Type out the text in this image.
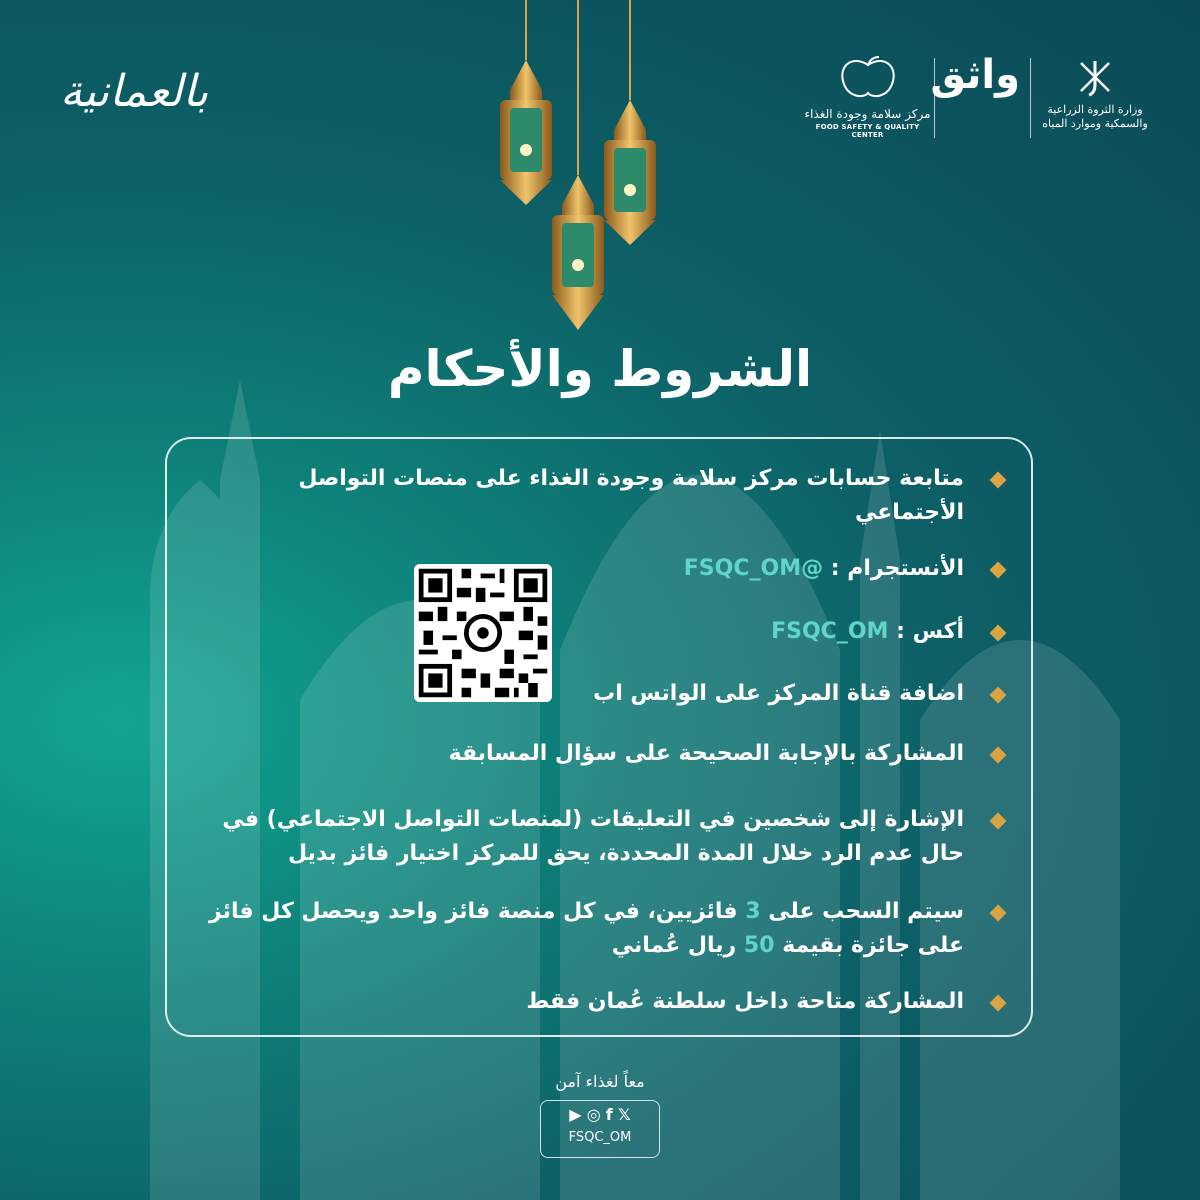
بالعمانية	مركز سلامة وجودة الغذاء
FOOD SAFETY & QUALITY CENTER
واثق
وزارة الثروة الزراعية
والسمكية وموارد المياه
الشروط والأحكام
متابعة حسابات مركز سلامة وجودة الغذاء على منصات التواصل الأجتماعي
الأنستجرام : FSQC_OM@
أكس : FSQC_OM
اضافة قناة المركز على الواتس اب
المشاركة بالإجابة الصحيحة على سؤال المسابقة
الإشارة إلى شخصين في التعليقات (لمنصات التواصل الاجتماعي) في حال عدم الرد خلال المدة المحددة، يحق للمركز اختيار فائز بديل
سيتم السحب على 3 فائزيين، في كل منصة فائز واحد ويحصل كل فائز على جائزة بقيمة 50 ريال عُماني
المشاركة متاحة داخل سلطنة عُمان فقط
معاً لغذاء آمن
▶ ◎ f 𝕏
FSQC_OM
